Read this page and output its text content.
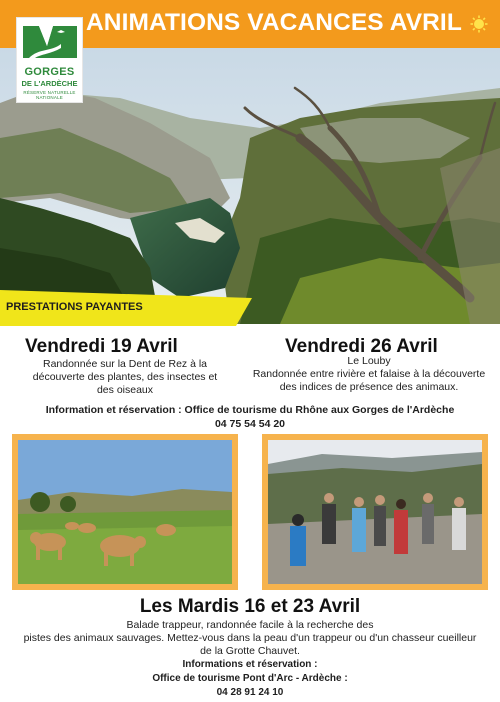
ANIMATIONS VACANCES AVRIL
GORGES
DE L'ARDÈCHE
RÉSERVE NATURELLE NATIONALE
PRESTATIONS PAYANTES
Vendredi 19 Avril
Randonnée sur la Dent de Rez à la
découverte des plantes, des insectes et
des oiseaux
Vendredi 26 Avril
Le Louby
Randonnée entre rivière et falaise à la découverte
des indices de présence des animaux.
Information et réservation : Office de tourisme du Rhône aux Gorges de l'Ardèche
04 75 54 54 20
Les Mardis 16 et 23 Avril
Balade trappeur, randonnée facile à la recherche des
pistes des animaux sauvages. Mettez-vous dans la peau d'un trappeur ou d'un chasseur cueilleur
de la Grotte Chauvet.
Informations et réservation :
Office de tourisme Pont d'Arc - Ardèche :
04 28 91 24 10
